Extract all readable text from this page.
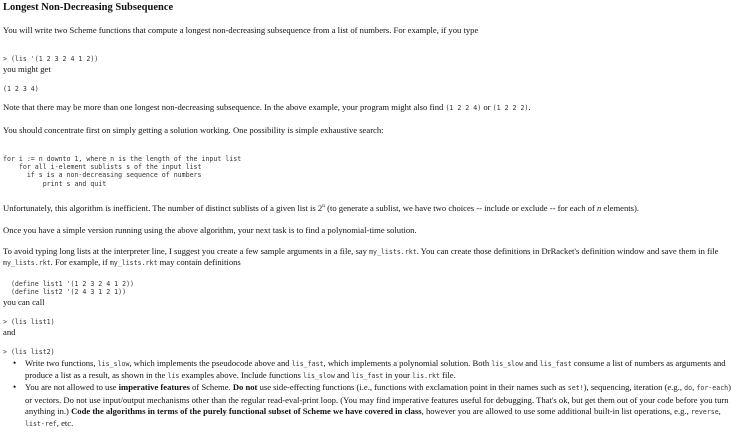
Longest Non-Decreasing Subsequence
You will write two Scheme functions that compute a longest non-decreasing subsequence from a list of numbers. For example, if you type
> (lis '(1 2 3 2 4 1 2))
you might get
(1 2 3 4)
Note that there may be more than one longest non-decreasing subsequence. In the above example, your program might also find (1 2 2 4) or (1 2 2 2).
You should concentrate first on simply getting a solution working. One possibility is simple exhaustive search:
for i := n downto 1, where n is the length of the input list
for all i-element sublists s of the input list
if s is a non-decreasing sequence of numbers
print s and quit
Unfortunately, this algorithm is inefficient. The number of distinct sublists of a given list is 2$^n$ (to generate a sublist, we have two choices -- include or exclude -- for each of n elements).
Once you have a simple version running using the above algorithm, your next task is to find a polynomial-time solution.
To avoid typing long lists at the interpreter line, I suggest you create a few sample arguments in a file, say my_lists.rkt. You can create those definitions in DrRacket's definition window and save them in file
my_lists.rkt. For example, if my_lists.rkt may contain definitions
(define list1 '(1 2 3 2 4 1 2))
(define list2 '(2 4 3 1 2 1))
you can call
> (lis list1)
and
> (lis list2)
• Write two functions, lis_slow, which implements the pseudocode above and lis_fast, which implements a polynomial solution. Both lis_slow and lis_fast consume a list of numbers as arguments and
produce a list as a result, as shown in the lis examples above. Include functions lis_slow and lis_fast in your lis.rkt file.
• You are not allowed to use imperative features of Scheme. Do not use side-effecting functions (i.e., functions with exclamation point in their names such as set!), sequencing, iteration (e.g., do, for-each)
or vectors. Do not use input/output mechanisms other than the regular read-eval-print loop. (You may find imperative features useful for debugging. That's ok, but get them out of your code before you turn
anything in.) Code the algorithms in terms of the purely functional subset of Scheme we have covered in class, however you are allowed to use some additional built-in list operations, e.g., reverse,
list-ref, etc.
